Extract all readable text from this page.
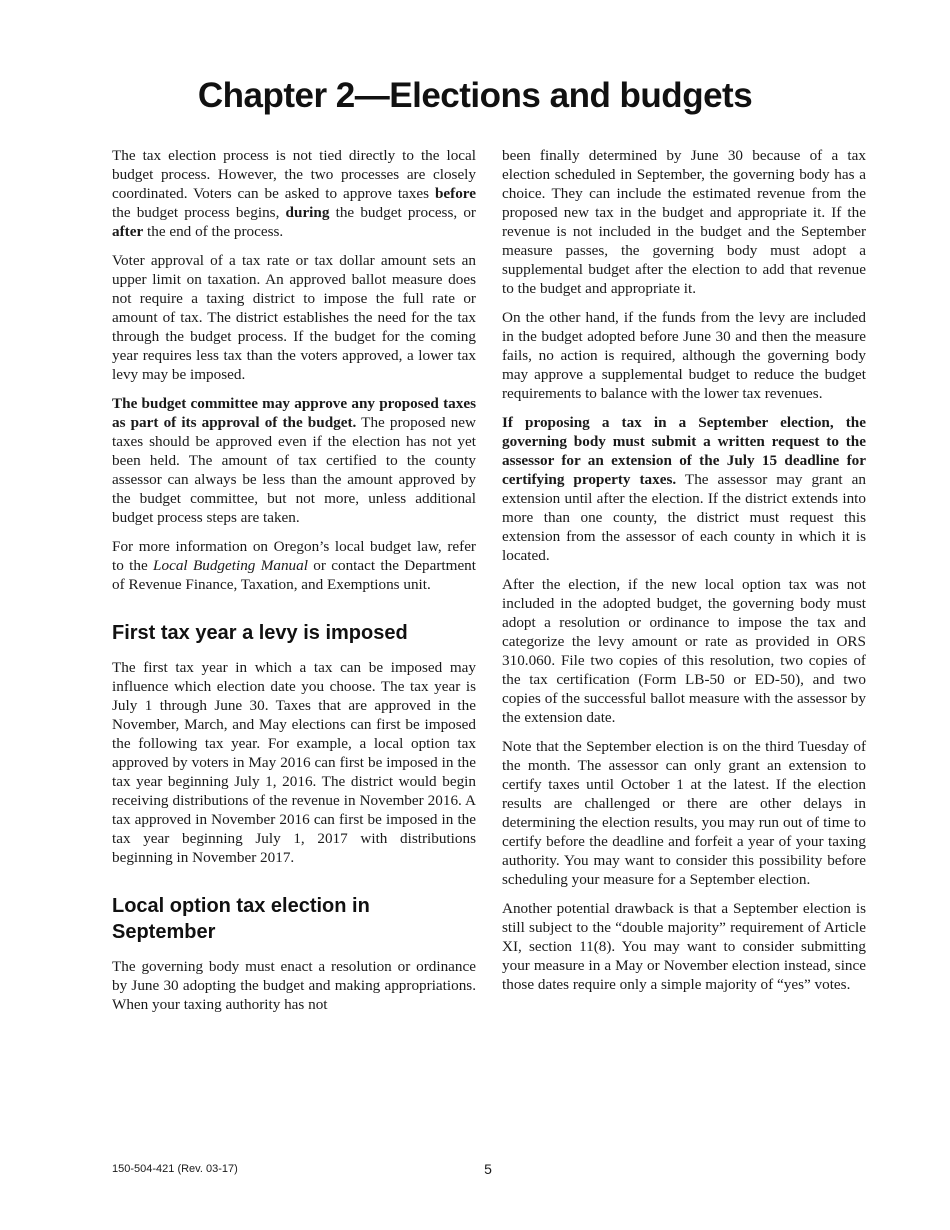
Chapter 2—Elections and budgets

The tax election process is not tied directly to the local budget process. However, the two processes are closely coordinated. Voters can be asked to approve taxes before the budget process begins, during the budget process, or after the end of the process.

Voter approval of a tax rate or tax dollar amount sets an upper limit on taxation. An approved ballot measure does not require a taxing district to impose the full rate or amount of tax. The district establishes the need for the tax through the budget process. If the budget for the coming year requires less tax than the voters approved, a lower tax levy may be imposed.

The budget committee may approve any proposed taxes as part of its approval of the budget. The proposed new taxes should be approved even if the election has not yet been held. The amount of tax certified to the county assessor can always be less than the amount approved by the budget committee, but not more, unless additional budget process steps are taken.

For more information on Oregon’s local budget law, refer to the Local Budgeting Manual or contact the Department of Revenue Finance, Taxation, and Exemptions unit.

First tax year a levy is imposed

The first tax year in which a tax can be imposed may influence which election date you choose. The tax year is July 1 through June 30. Taxes that are approved in the November, March, and May elections can first be imposed the following tax year. For example, a local option tax approved by voters in May 2016 can first be imposed in the tax year beginning July 1, 2016. The district would begin receiving distributions of the revenue in November 2016. A tax approved in November 2016 can first be imposed in the tax year beginning July 1, 2017 with distributions beginning in November 2017.

Local option tax election in September

The governing body must enact a resolution or ordinance by June 30 adopting the budget and making appropriations. When your taxing authority has not

been finally determined by June 30 because of a tax election scheduled in September, the governing body has a choice. They can include the estimated revenue from the proposed new tax in the budget and appropriate it. If the revenue is not included in the budget and the September measure passes, the governing body must adopt a supplemental budget after the election to add that revenue to the budget and appropriate it.

On the other hand, if the funds from the levy are included in the budget adopted before June 30 and then the measure fails, no action is required, although the governing body may approve a supplemental budget to reduce the budget requirements to balance with the lower tax revenues.

If proposing a tax in a September election, the governing body must submit a written request to the assessor for an extension of the July 15 deadline for certifying property taxes. The assessor may grant an extension until after the election. If the district extends into more than one county, the district must request this extension from the assessor of each county in which it is located.

After the election, if the new local option tax was not included in the adopted budget, the governing body must adopt a resolution or ordinance to impose the tax and categorize the levy amount or rate as provided in ORS 310.060. File two copies of this resolution, two copies of the tax certification (Form LB-50 or ED-50), and two copies of the successful ballot measure with the assessor by the extension date.

Note that the September election is on the third Tuesday of the month. The assessor can only grant an extension to certify taxes until October 1 at the latest. If the election results are challenged or there are other delays in determining the election results, you may run out of time to certify before the deadline and forfeit a year of your taxing authority. You may want to consider this possibility before scheduling your measure for a September election.

Another potential drawback is that a September election is still subject to the “double majority” requirement of Article XI, section 11(8). You may want to consider submitting your measure in a May or November election instead, since those dates require only a simple majority of “yes” votes.

150-504-421 (Rev. 03-17)	5
